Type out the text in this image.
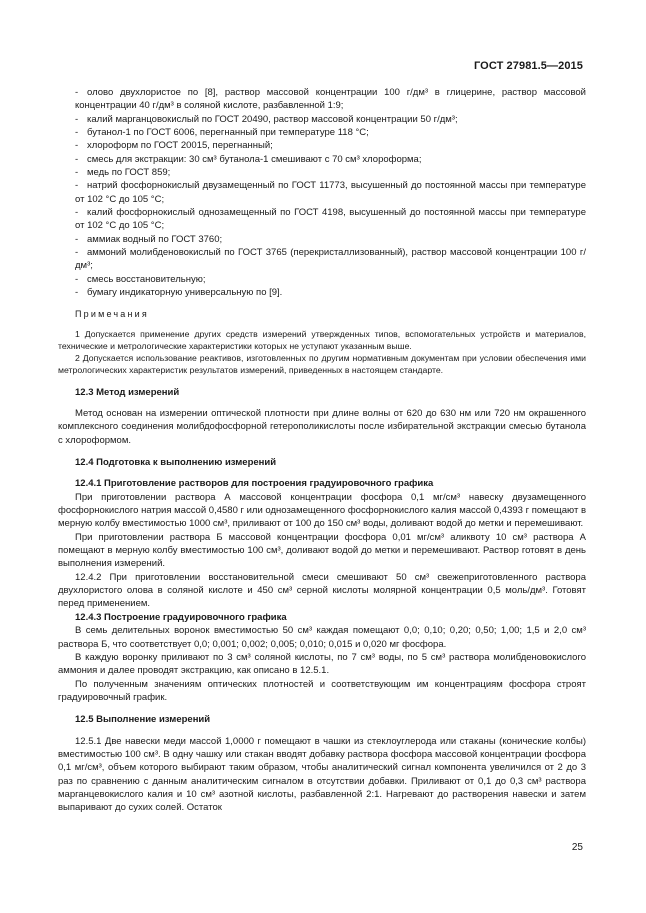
ГОСТ 27981.5—2015

- олово двухлористое по [8], раствор массовой концентрации 100 г/дм³ в глицерине, раствор массовой концентрации 40 г/дм³ в соляной кислоте, разбавленной 1:9;

- калий марганцовокислый по ГОСТ 20490, раствор массовой концентрации 50 г/дм³;

- бутанол-1 по ГОСТ 6006, перегнанный при температуре 118 °С;

- хлороформ по ГОСТ 20015, перегнанный;

- смесь для экстракции: 30 см³ бутанола-1 смешивают с 70 см³ хлороформа;

- медь по ГОСТ 859;

- натрий фосфорнокислый двузамещенный по ГОСТ 11773, высушенный до постоянной массы при температуре от 102 °С до 105 °С;

- калий фосфорнокислый однозамещенный по ГОСТ 4198, высушенный до постоянной массы при температуре от 102 °С до 105 °С;

- аммиак водный по ГОСТ 3760;

- аммоний молибденовокислый по ГОСТ 3765 (перекристаллизованный), раствор массовой концентрации 100 г/дм³;

- смесь восстановительную;

- бумагу индикаторную универсальную по [9].

Примечания

1 Допускается применение других средств измерений утвержденных типов, вспомогательных устройств и материалов, технические и метрологические характеристики которых не уступают указанным выше.

2 Допускается использование реактивов, изготовленных по другим нормативным документам при условии обеспечения ими метрологических характеристик результатов измерений, приведенных в настоящем стандарте.

12.3 Метод измерений

Метод основан на измерении оптической плотности при длине волны от 620 до 630 нм или 720 нм окрашенного комплексного соединения молибдофосфорной гетерополикислоты после избирательной экстракции смесью бутанола с хлороформом.

12.4 Подготовка к выполнению измерений

12.4.1 Приготовление растворов для построения градуировочного графика

При приготовлении раствора А массовой концентрации фосфора 0,1 мг/см³ навеску двузамещенного фосфорнокислого натрия массой 0,4580 г или однозамещенного фосфорнокислого калия массой 0,4393 г помещают в мерную колбу вместимостью 1000 см³, приливают от 100 до 150 см³ воды, доливают водой до метки и перемешивают.

При приготовлении раствора Б массовой концентрации фосфора 0,01 мг/см³ аликвоту 10 см³ раствора А помещают в мерную колбу вместимостью 100 см³, доливают водой до метки и перемешивают. Раствор готовят в день выполнения измерений.

12.4.2 При приготовлении восстановительной смеси смешивают 50 см³ свежеприготовленного раствора двухлористого олова в соляной кислоте и 450 см³ серной кислоты молярной концентрации 0,5 моль/дм³. Готовят перед применением.

12.4.3 Построение градуировочного графика

В семь делительных воронок вместимостью 50 см³ каждая помещают 0,0; 0,10; 0,20; 0,50; 1,00; 1,5 и 2,0 см³ раствора Б, что соответствует 0,0; 0,001; 0,002; 0,005; 0,010; 0,015 и 0,020 мг фосфора.

В каждую воронку приливают по 3 см³ соляной кислоты, по 7 см³ воды, по 5 см³ раствора молибденовокислого аммония и далее проводят экстракцию, как описано в 12.5.1.

По полученным значениям оптических плотностей и соответствующим им концентрациям фосфора строят градуировочный график.

12.5 Выполнение измерений

12.5.1 Две навески меди массой 1,0000 г помещают в чашки из стеклоуглерода или стаканы (конические колбы) вместимостью 100 см³. В одну чашку или стакан вводят добавку раствора фосфора массовой концентрации фосфора 0,1 мг/см³, объем которого выбирают таким образом, чтобы аналитический сигнал компонента увеличился от 2 до 3 раз по сравнению с данным аналитическим сигналом в отсутствии добавки. Приливают от 0,1 до 0,3 см³ раствора марганцевокислого калия и 10 см³ азотной кислоты, разбавленной 2:1. Нагревают до растворения навески и затем выпаривают до сухих солей. Остаток

25
